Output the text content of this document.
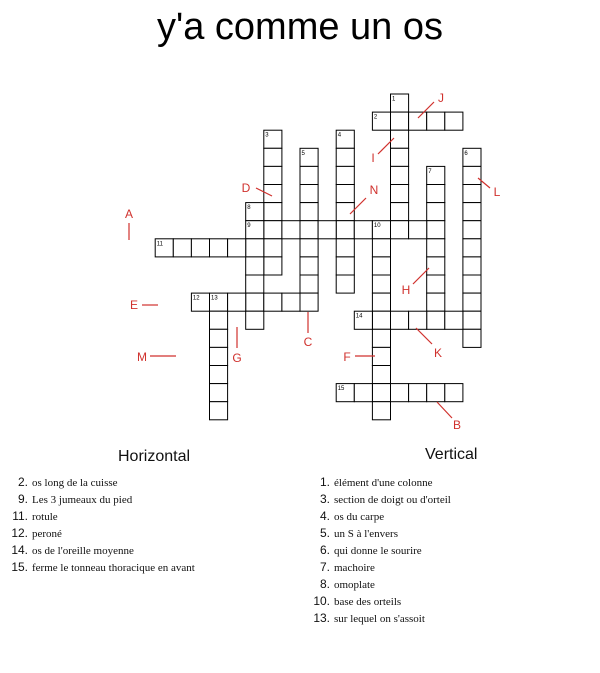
y'a comme un os
1
2
3	4
5	6
7
8
9	10
11
12 13
14
15
A
B
C
D
E
F
G
H
I
J
K
L
M
N
Horizontal	Vertical
2. os long de la cuisse
9. Les 3 jumeaux du pied
11. rotule
12. peroné
14. os de l'oreille moyenne
15. ferme le tonneau thoracique en avant
1. élément d'une colonne
3. section de doigt ou d'orteil
4. os du carpe
5. un S à l'envers
6. qui donne le sourire
7. machoire
8. omoplate
10. base des orteils
13. sur lequel on s'assoit
